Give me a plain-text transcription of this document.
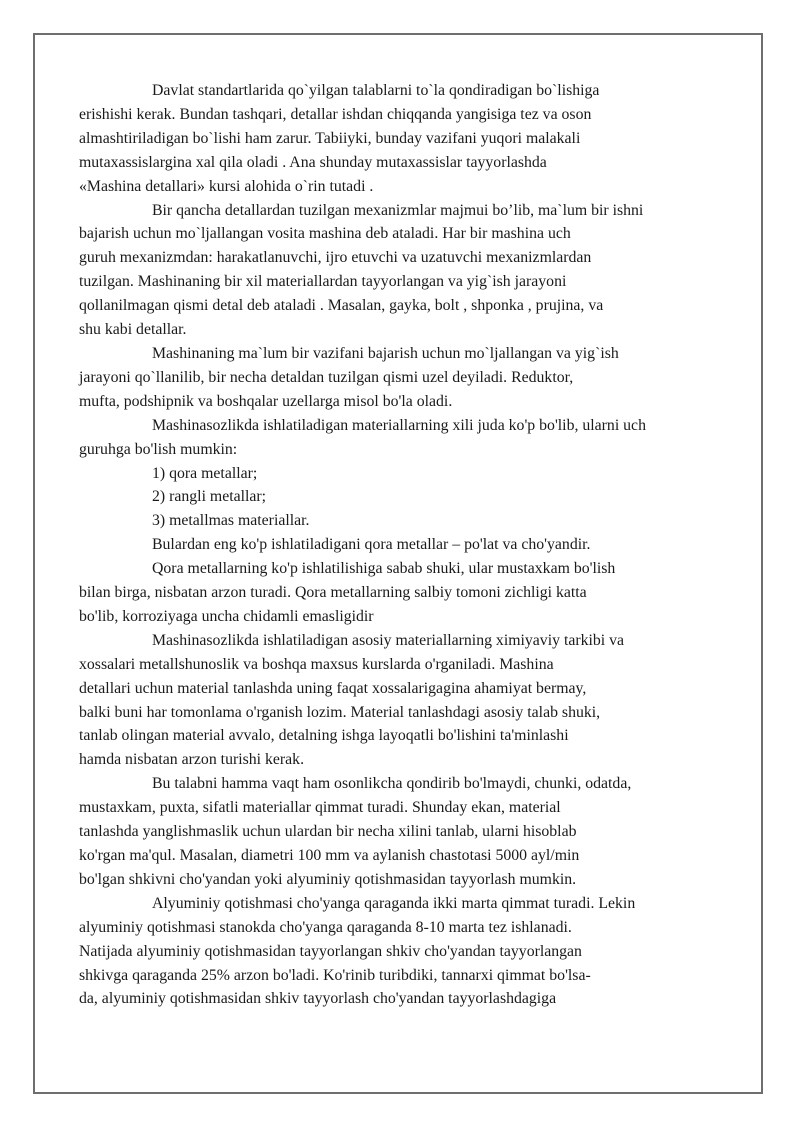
Davlat standartlarida qo`yilgan talablarni to`la qondiradigan bo`lishiga
erishishi kerak. Bundan tashqari, detallar ishdan chiqqanda yangisiga tez va oson
almashtiriladigan bo`lishi ham zarur. Tabiiyki, bunday vazifani yuqori malakali
mutaxassislargina xal qila oladi . Ana shunday mutaxassislar tayyorlashda
«Mashina detallari» kursi alohida o`rin tutadi .
Bir qancha detallardan tuzilgan mexanizmlar majmui bo’lib, ma`lum bir ishni
bajarish uchun mo`ljallangan vosita mashina deb ataladi. Har bir mashina uch
guruh mexanizmdan: harakatlanuvchi, ijro etuvchi va uzatuvchi mexanizmlardan
tuzilgan. Mashinaning bir xil materiallardan tayyorlangan va yig`ish jarayoni
qollanilmagan qismi detal deb ataladi . Masalan, gayka, bolt , shponka , prujina, va
shu kabi detallar.
Mashinaning ma`lum bir vazifani bajarish uchun mo`ljallangan va yig`ish
jarayoni qo`llanilib, bir necha detaldan tuzilgan qismi uzel deyiladi. Reduktor,
mufta, podshipnik va boshqalar uzellarga misol bo'la oladi.
Mashinasozlikda ishlatiladigan materiallarning xili juda ko'p bo'lib, ularni uch
guruhga bo'lish mumkin:
1) qora metallar;
2) rangli metallar;
3) metallmas materiallar.
Bulardan eng ko'p ishlatiladigani qora metallar – po'lat va cho'yandir.
Qora metallarning ko'p ishlatilishiga sabab shuki, ular mustaxkam bo'lish
bilan birga, nisbatan arzon turadi. Qora metallarning salbiy tomoni zichligi katta
bo'lib, korroziyaga uncha chidamli emasligidir
Mashinasozlikda ishlatiladigan asosiy materiallarning ximiyaviy tarkibi va
xossalari metallshunoslik va boshqa maxsus kurslarda o'rganiladi. Mashina
detallari uchun material tanlashda uning faqat xossalarigagina ahamiyat bermay,
balki buni har tomonlama o'rganish lozim. Material tanlashdagi asosiy talab shuki,
tanlab olingan material avvalo, detalning ishga layoqatli bo'lishini ta'minlashi
hamda nisbatan arzon turishi kerak.
Bu talabni hamma vaqt ham osonlikcha qondirib bo'lmaydi, chunki, odatda,
mustaxkam, puxta, sifatli materiallar qimmat turadi. Shunday ekan, material
tanlashda yanglishmaslik uchun ulardan bir necha xilini tanlab, ularni hisoblab
ko'rgan ma'qul. Masalan, diametri 100 mm va aylanish chastotasi 5000 ayl/min
bo'lgan shkivni cho'yandan yoki alyuminiy qotishmasidan tayyorlash mumkin.
Alyuminiy qotishmasi cho'yanga qaraganda ikki marta qimmat turadi. Lekin
alyuminiy qotishmasi stanokda cho'yanga qaraganda 8-10 marta tez ishlanadi.
Natijada alyuminiy qotishmasidan tayyorlangan shkiv cho'yandan tayyorlangan
shkivga qaraganda 25% arzon bo'ladi. Ko'rinib turibdiki, tannarxi qimmat bo'lsa-
da, alyuminiy qotishmasidan shkiv tayyorlash cho'yandan tayyorlashdagiga
